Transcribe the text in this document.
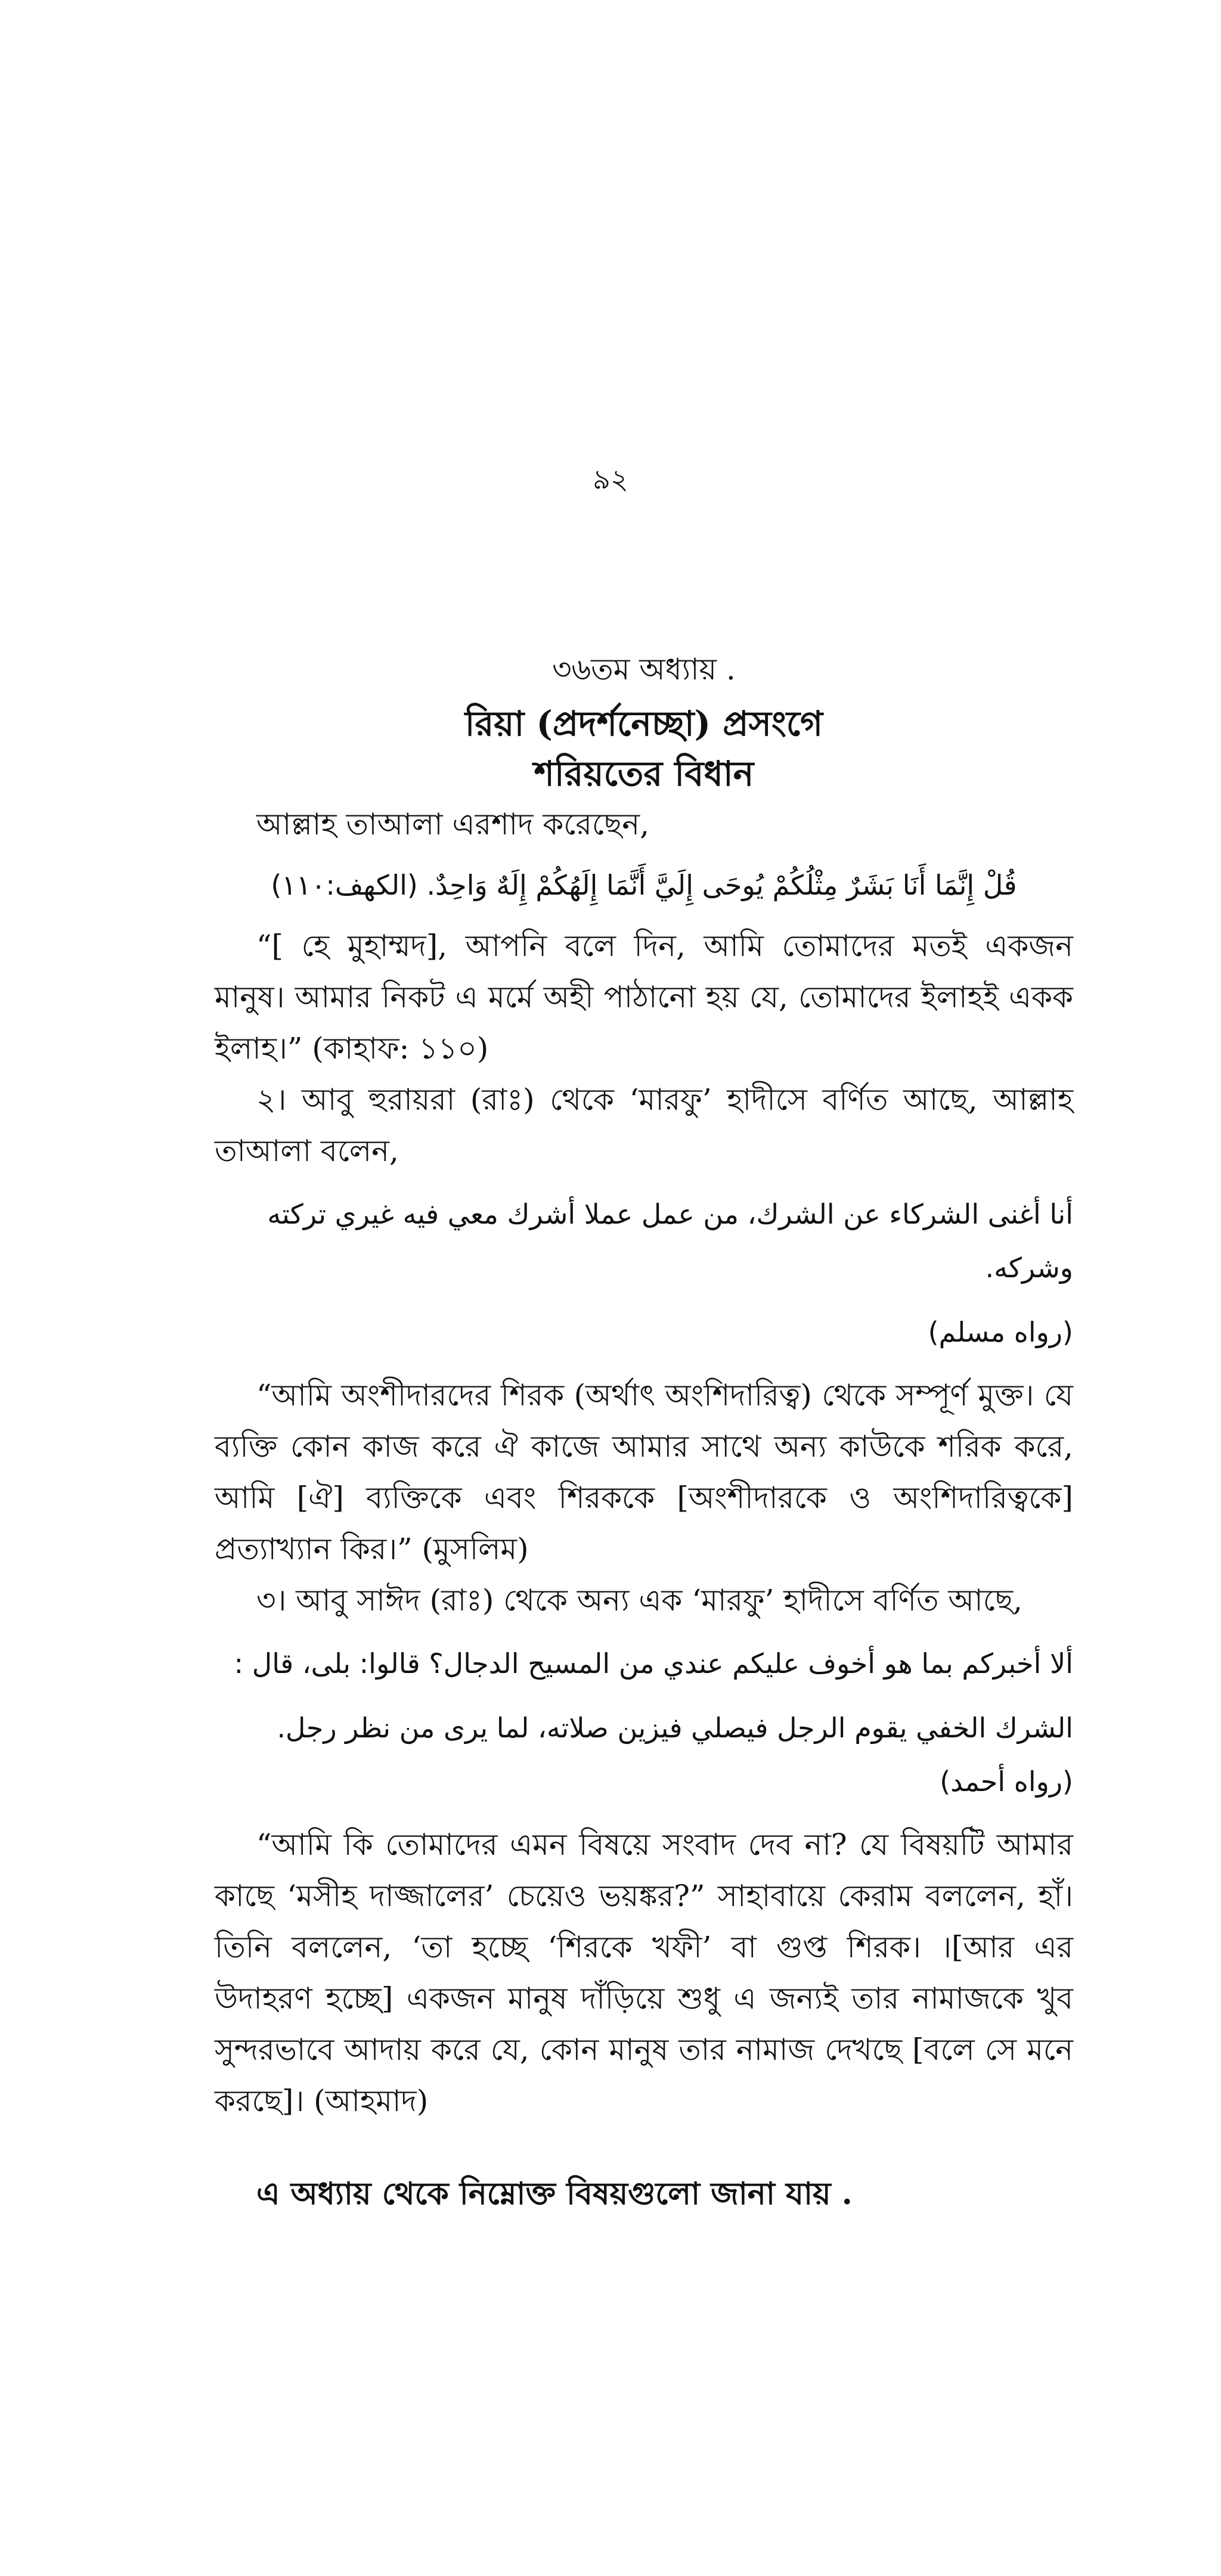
৯২
৩৬তম অধ্যায় .
রিয়া (প্রদর্শনেচ্ছা) প্রসংগে
শরিয়তের বিধান

আল্লাহ তাআলা এরশাদ করেছেন,

قُلْ إِنَّمَا أَنَا بَشَرٌ مِثْلُكُمْ يُوحَى إِلَيَّ أَنَّمَا إِلَهُكُمْ إِلَهٌ وَاحِدٌ. (الكهف:١١٠)

“[ হে মুহাম্মদ], আপনি বলে দিন, আমি তোমাদের মতই একজন মানুষ। আমার নিকট এ মর্মে অহী পাঠানো হয় যে, তোমাদের ইলাহই একক ইলাহ।” (কাহাফ: ১১০)

২। আবু হুরায়রা (রাঃ) থেকে ‘মারফু’ হাদীসে বর্ণিত আছে, আল্লাহ তাআলা বলেন,

أنا أغنى الشركاء عن الشرك، من عمل عملا أشرك معي فيه غيري تركته وشركه.

(رواه مسلم)

“আমি অংশীদারদের শিরক (অর্থাৎ অংশিদারিত্ব) থেকে সম্পূর্ণ মুক্ত। যে ব্যক্তি কোন কাজ করে ঐ কাজে আমার সাথে অন্য কাউকে শরিক করে, আমি [ঐ] ব্যক্তিকে এবং শিরককে [অংশীদারকে ও অংশিদারিত্বকে] প্রত্যাখ্যান কির।” (মুসলিম)

৩। আবু সাঈদ (রাঃ) থেকে অন্য এক ‘মারফু’ হাদীসে বর্ণিত আছে,

ألا أخبركم بما هو أخوف عليكم عندي من المسيح الدجال؟ قالوا: بلى، قال :

الشرك الخفي يقوم الرجل فيصلي فيزين صلاته، لما يرى من نظر رجل. (رواه أحمد)

“আমি কি তোমাদের এমন বিষয়ে সংবাদ দেব না? যে বিষয়টি আমার কাছে ‘মসীহ দাজ্জালের’ চেয়েও ভয়ঙ্কর?” সাহাবায়ে কেরাম বললেন, হাঁ। তিনি বললেন, ‘তা হচ্ছে ‘শিরকে খফী’ বা গুপ্ত শিরক। ।[আর এর উদাহরণ হচ্ছে] একজন মানুষ দাঁড়িয়ে শুধু এ জন্যই তার নামাজকে খুব সুন্দরভাবে আদায় করে যে, কোন মানুষ তার নামাজ দেখছে [বলে সে মনে করছে]। (আহমাদ)

এ অধ্যায় থেকে নিম্নোক্ত বিষয়গুলো জানা যায় .
